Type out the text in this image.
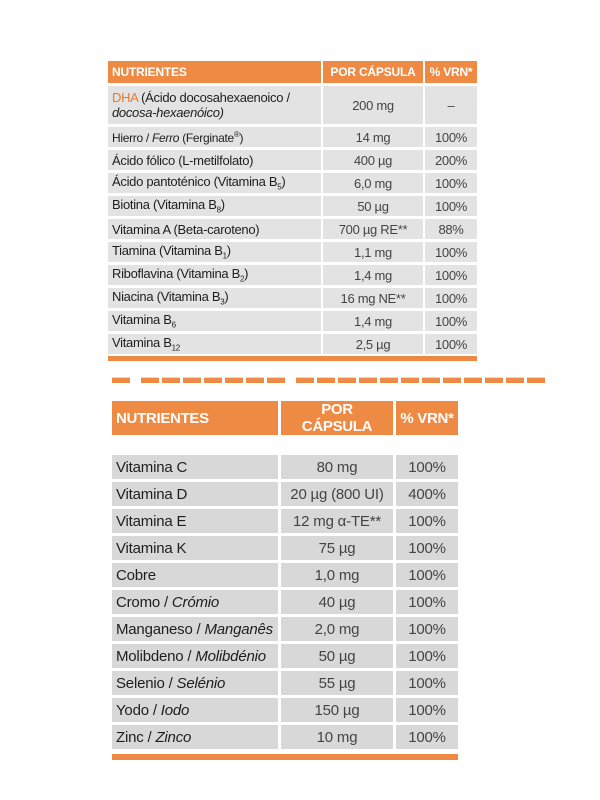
NUTRIENTES	POR CÁPSULA	% VRN*
DHA (Ácido docosahexaenoico /
docosa-hexaenóico)	200 mg	–
Hierro / Ferro (Ferginate®)	14 mg	100%
Ácido fólico (L-metilfolato)	400 µg	200%
Ácido pantoténico (Vitamina $B_5$)	6,0 mg	100%
Biotina (Vitamina $B_8$)	50 µg	100%
Vitamina A (Beta-caroteno)	700 µg RE**	88%
Tiamina (Vitamina $B_1$)	1,1 mg	100%
Riboflavina (Vitamina $B_2$)	1,4 mg	100%
Niacina (Vitamina $B_3$)	16 mg NE**	100%
Vitamina $B_6$	1,4 mg	100%
Vitamina $B_{12}$	2,5 µg	100%
▬ ▬▬▬▬▬▬▬ ▬▬▬▬▬▬▬▬▬▬▬▬
NUTRIENTES	POR CÁPSULA	% VRN*

Vitamina C	80 mg	100%
Vitamina D	20 µg (800 UI)	400%
Vitamina E	12 mg α-TE**	100%
Vitamina K	75 µg	100%
Cobre	1,0 mg	100%
Cromo / Crómio	40 µg	100%
Manganeso / Manganês	2,0 mg	100%
Molibdeno / Molibdénio	50 µg	100%
Selenio / Selénio	55 µg	100%
Yodo / Iodo	150 µg	100%
Zinc / Zinco	10 mg	100%
